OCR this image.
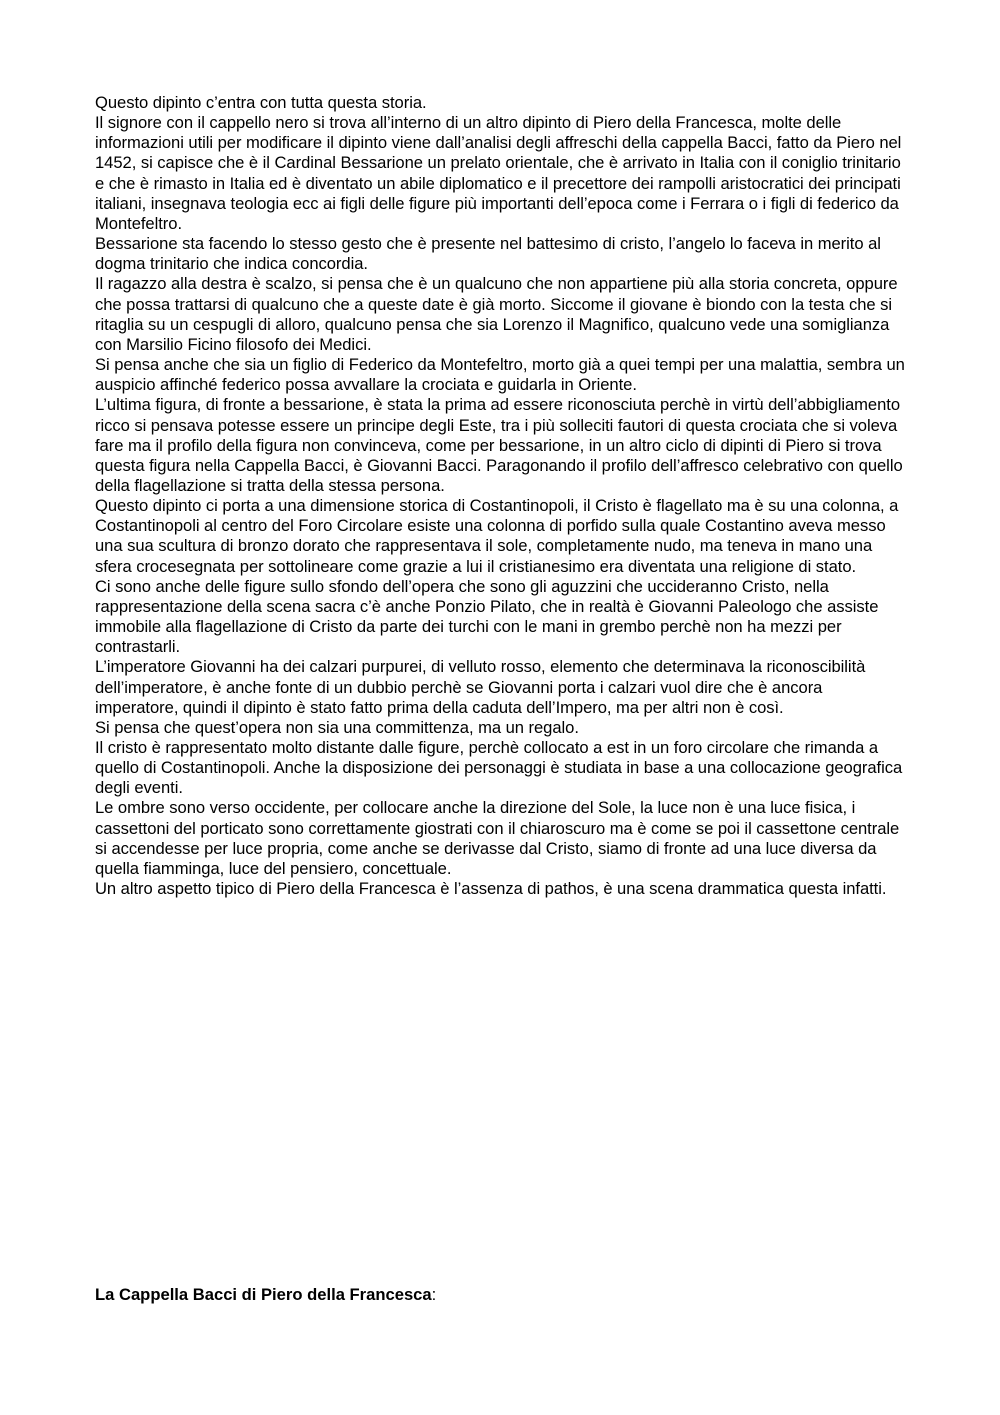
Questo dipinto c’entra con tutta questa storia.
Il signore con il cappello nero si trova all’interno di un altro dipinto di Piero della Francesca, molte delle informazioni utili per modificare il dipinto viene dall’analisi degli affreschi della cappella Bacci, fatto da Piero nel 1452, si capisce che è il Cardinal Bessarione un prelato orientale, che è arrivato in Italia con il coniglio trinitario e che è rimasto in Italia ed è diventato un abile diplomatico e il precettore dei rampolli aristocratici dei principati italiani, insegnava teologia ecc ai figli delle figure più importanti dell’epoca come i Ferrara o i figli di federico da Montefeltro.
Bessarione sta facendo lo stesso gesto che è presente nel battesimo di cristo, l’angelo lo faceva in merito al dogma trinitario che indica concordia.
Il ragazzo alla destra è scalzo, si pensa che è un qualcuno che non appartiene più alla storia concreta, oppure che possa trattarsi di qualcuno che a queste date è già morto. Siccome il giovane è biondo con la testa che si ritaglia su un cespugli di alloro, qualcuno pensa che sia Lorenzo il Magnifico, qualcuno vede una somiglianza con Marsilio Ficino filosofo dei Medici.
Si pensa anche che sia un figlio di Federico da Montefeltro, morto già a quei tempi per una malattia, sembra un auspicio affinché federico possa avvallare la crociata e guidarla in Oriente.
L’ultima figura, di fronte a bessarione, è stata la prima ad essere riconosciuta perchè in virtù dell’abbigliamento ricco si pensava potesse essere un principe degli Este, tra i più solleciti fautori di questa crociata che si voleva fare ma il profilo della figura non convinceva, come per bessarione, in un altro ciclo di dipinti di Piero si trova questa figura nella Cappella Bacci, è Giovanni Bacci. Paragonando il profilo dell’affresco celebrativo con quello della flagellazione si tratta della stessa persona.
Questo dipinto ci porta a una dimensione storica di Costantinopoli, il Cristo è flagellato ma è su una colonna, a Costantinopoli al centro del Foro Circolare esiste una colonna di porfido sulla quale Costantino aveva messo una sua scultura di bronzo dorato che rappresentava il sole, completamente nudo, ma teneva in mano una sfera crocesegnata per sottolineare come grazie a lui il cristianesimo era diventata una religione di stato.
Ci sono anche delle figure sullo sfondo dell’opera che sono gli aguzzini che uccideranno Cristo, nella rappresentazione della scena sacra c’è anche Ponzio Pilato, che in realtà è Giovanni Paleologo che assiste immobile alla flagellazione di Cristo da parte dei turchi con le mani in grembo perchè non ha mezzi per contrastarli.
L’imperatore Giovanni ha dei calzari purpurei, di velluto rosso, elemento che determinava la riconoscibilità dell’imperatore, è anche fonte di un dubbio perchè se Giovanni porta i calzari vuol dire che è ancora imperatore, quindi il dipinto è stato fatto prima della caduta dell’Impero, ma per altri non è così.
Si pensa che quest’opera non sia una committenza, ma un regalo.
Il cristo è rappresentato molto distante dalle figure, perchè collocato a est in un foro circolare che rimanda a quello di Costantinopoli. Anche la disposizione dei personaggi è studiata in base a una collocazione geografica degli eventi.
Le ombre sono verso occidente, per collocare anche la direzione del Sole, la luce non è una luce fisica, i cassettoni del porticato sono correttamente giostrati con il chiaroscuro ma è come se poi il cassettone centrale si accendesse per luce propria, come anche se derivasse dal Cristo, siamo di fronte ad una luce diversa da quella fiamminga, luce del pensiero, concettuale.
Un altro aspetto tipico di Piero della Francesca è l’assenza di pathos, è una scena drammatica questa infatti.

La Cappella Bacci di Piero della Francesca:
